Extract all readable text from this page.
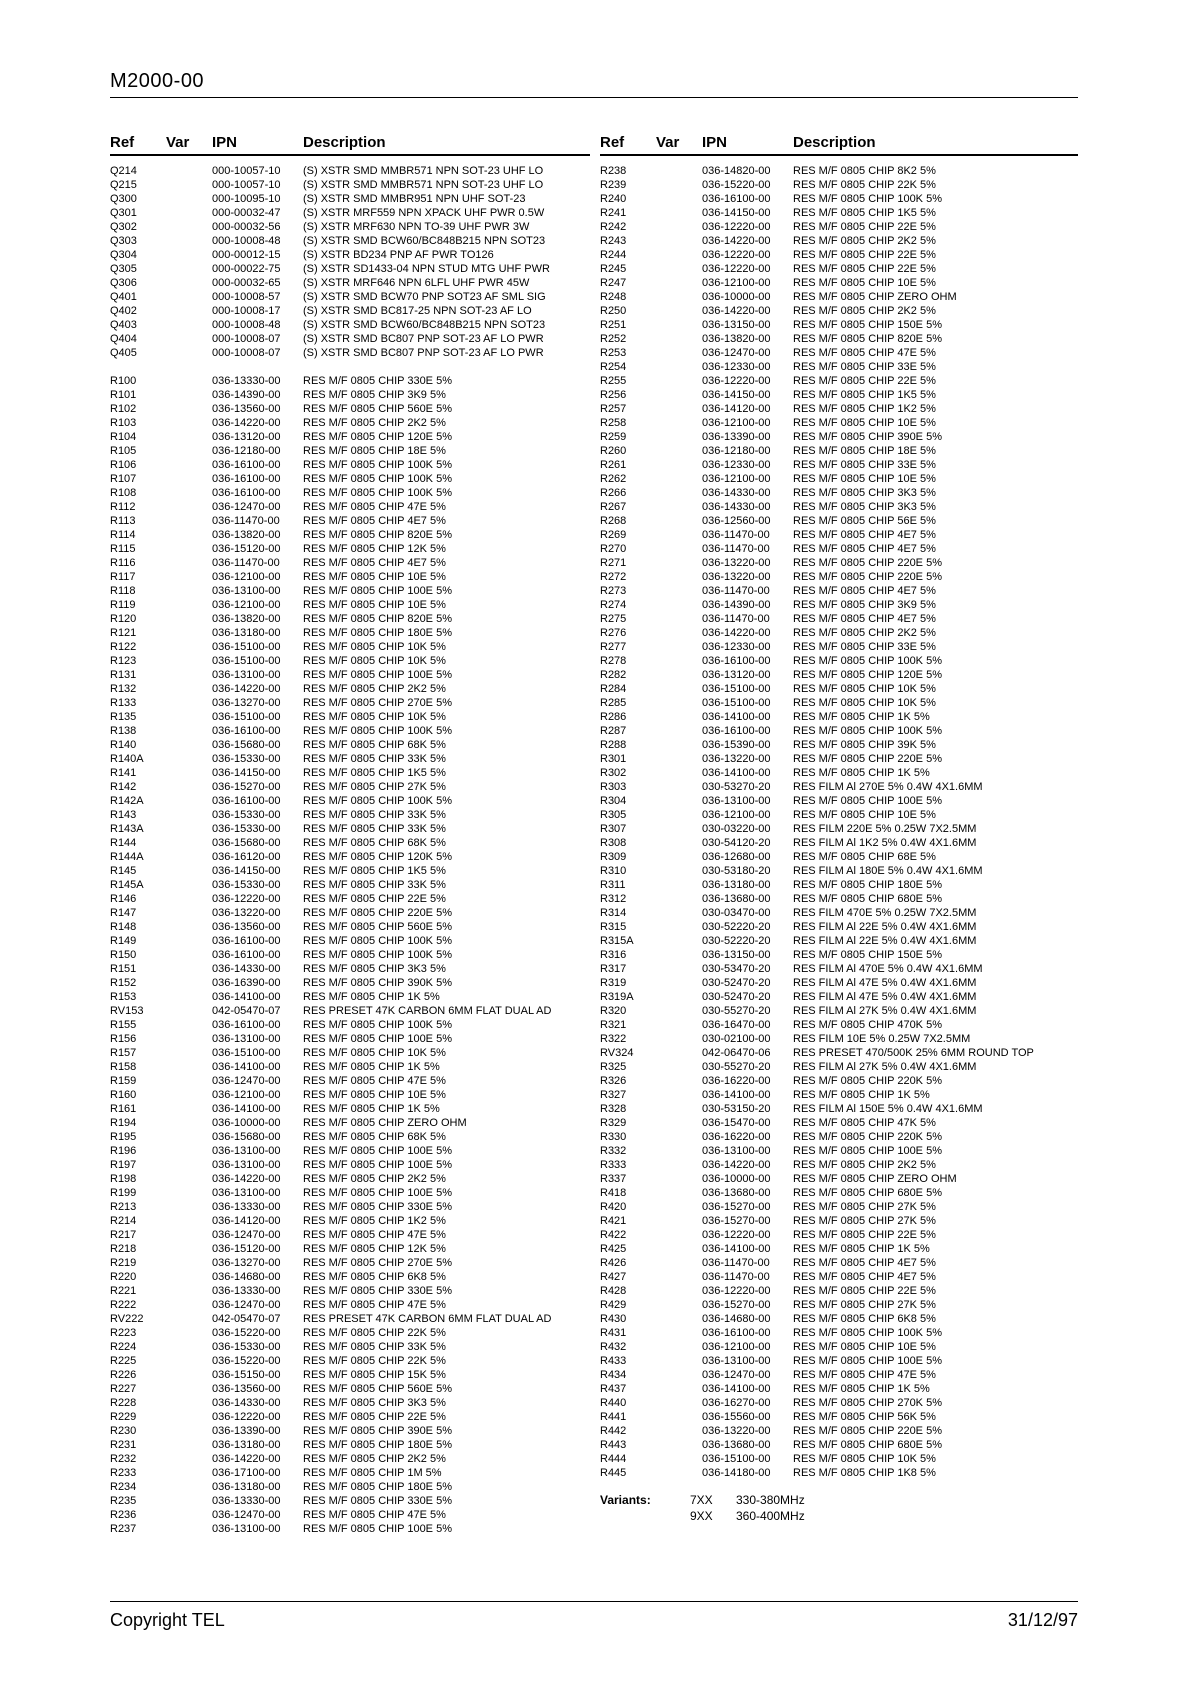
M2000-00
Ref Var IPN	Description
Q214	000-10057-10 (S) XSTR SMD MMBR571 NPN SOT-23 UHF LO
Q215	000-10057-10 (S) XSTR SMD MMBR571 NPN SOT-23 UHF LO
Q300	000-10095-10 (S) XSTR SMD MMBR951 NPN UHF SOT-23
Q301	000-00032-47 (S) XSTR MRF559 NPN XPACK UHF PWR 0.5W
Q302	000-00032-56 (S) XSTR MRF630 NPN TO-39 UHF PWR 3W
Q303	000-10008-48 (S) XSTR SMD BCW60/BC848B215 NPN SOT23
Q304	000-00012-15 (S) XSTR BD234 PNP AF PWR TO126
Q305	000-00022-75 (S) XSTR SD1433-04 NPN STUD MTG UHF PWR
Q306	000-00032-65 (S) XSTR MRF646 NPN 6LFL UHF PWR 45W
Q401	000-10008-57 (S) XSTR SMD BCW70 PNP SOT23 AF SML SIG
Q402	000-10008-17 (S) XSTR SMD BC817-25 NPN SOT-23 AF LO
Q403	000-10008-48 (S) XSTR SMD BCW60/BC848B215 NPN SOT23
Q404	000-10008-07 (S) XSTR SMD BC807 PNP SOT-23 AF LO PWR
Q405	000-10008-07 (S) XSTR SMD BC807 PNP SOT-23 AF LO PWR
R100	036-13330-00 RES M/F 0805 CHIP 330E 5%
R101	036-14390-00 RES M/F 0805 CHIP 3K9 5%
R102	036-13560-00 RES M/F 0805 CHIP 560E 5%
R103	036-14220-00 RES M/F 0805 CHIP 2K2 5%
R104	036-13120-00 RES M/F 0805 CHIP 120E 5%
R105	036-12180-00 RES M/F 0805 CHIP 18E 5%
R106	036-16100-00 RES M/F 0805 CHIP 100K 5%
R107	036-16100-00 RES M/F 0805 CHIP 100K 5%
R108	036-16100-00 RES M/F 0805 CHIP 100K 5%
R112	036-12470-00 RES M/F 0805 CHIP 47E 5%
R113	036-11470-00 RES M/F 0805 CHIP 4E7 5%
R114	036-13820-00 RES M/F 0805 CHIP 820E 5%
R115	036-15120-00 RES M/F 0805 CHIP 12K 5%
R116	036-11470-00 RES M/F 0805 CHIP 4E7 5%
R117	036-12100-00 RES M/F 0805 CHIP 10E 5%
R118	036-13100-00 RES M/F 0805 CHIP 100E 5%
R119	036-12100-00 RES M/F 0805 CHIP 10E 5%
R120	036-13820-00 RES M/F 0805 CHIP 820E 5%
R121	036-13180-00 RES M/F 0805 CHIP 180E 5%
R122	036-15100-00 RES M/F 0805 CHIP 10K 5%
R123	036-15100-00 RES M/F 0805 CHIP 10K 5%
R131	036-13100-00 RES M/F 0805 CHIP 100E 5%
R132	036-14220-00 RES M/F 0805 CHIP 2K2 5%
R133	036-13270-00 RES M/F 0805 CHIP 270E 5%
R135	036-15100-00 RES M/F 0805 CHIP 10K 5%
R138	036-16100-00 RES M/F 0805 CHIP 100K 5%
R140	036-15680-00 RES M/F 0805 CHIP 68K 5%
R140A	036-15330-00 RES M/F 0805 CHIP 33K 5%
R141	036-14150-00 RES M/F 0805 CHIP 1K5 5%
R142	036-15270-00 RES M/F 0805 CHIP 27K 5%
R142A	036-16100-00 RES M/F 0805 CHIP 100K 5%
R143	036-15330-00 RES M/F 0805 CHIP 33K 5%
R143A	036-15330-00 RES M/F 0805 CHIP 33K 5%
R144	036-15680-00 RES M/F 0805 CHIP 68K 5%
R144A	036-16120-00 RES M/F 0805 CHIP 120K 5%
R145	036-14150-00 RES M/F 0805 CHIP 1K5 5%
R145A	036-15330-00 RES M/F 0805 CHIP 33K 5%
R146	036-12220-00 RES M/F 0805 CHIP 22E 5%
R147	036-13220-00 RES M/F 0805 CHIP 220E 5%
R148	036-13560-00 RES M/F 0805 CHIP 560E 5%
R149	036-16100-00 RES M/F 0805 CHIP 100K 5%
R150	036-16100-00 RES M/F 0805 CHIP 100K 5%
R151	036-14330-00 RES M/F 0805 CHIP 3K3 5%
R152	036-16390-00 RES M/F 0805 CHIP 390K 5%
R153	036-14100-00 RES M/F 0805 CHIP 1K 5%
RV153	042-05470-07 RES PRESET 47K CARBON 6MM FLAT DUAL AD
R155	036-16100-00 RES M/F 0805 CHIP 100K 5%
R156	036-13100-00 RES M/F 0805 CHIP 100E 5%
R157	036-15100-00 RES M/F 0805 CHIP 10K 5%
R158	036-14100-00 RES M/F 0805 CHIP 1K 5%
R159	036-12470-00 RES M/F 0805 CHIP 47E 5%
R160	036-12100-00 RES M/F 0805 CHIP 10E 5%
R161	036-14100-00 RES M/F 0805 CHIP 1K 5%
R194	036-10000-00 RES M/F 0805 CHIP ZERO OHM
R195	036-15680-00 RES M/F 0805 CHIP 68K 5%
R196	036-13100-00 RES M/F 0805 CHIP 100E 5%
R197	036-13100-00 RES M/F 0805 CHIP 100E 5%
R198	036-14220-00 RES M/F 0805 CHIP 2K2 5%
R199	036-13100-00 RES M/F 0805 CHIP 100E 5%
R213	036-13330-00 RES M/F 0805 CHIP 330E 5%
R214	036-14120-00 RES M/F 0805 CHIP 1K2 5%
R217	036-12470-00 RES M/F 0805 CHIP 47E 5%
R218	036-15120-00 RES M/F 0805 CHIP 12K 5%
R219	036-13270-00 RES M/F 0805 CHIP 270E 5%
R220	036-14680-00 RES M/F 0805 CHIP 6K8 5%
R221	036-13330-00 RES M/F 0805 CHIP 330E 5%
R222	036-12470-00 RES M/F 0805 CHIP 47E 5%
RV222	042-05470-07 RES PRESET 47K CARBON 6MM FLAT DUAL AD
R223	036-15220-00 RES M/F 0805 CHIP 22K 5%
R224	036-15330-00 RES M/F 0805 CHIP 33K 5%
R225	036-15220-00 RES M/F 0805 CHIP 22K 5%
R226	036-15150-00 RES M/F 0805 CHIP 15K 5%
R227	036-13560-00 RES M/F 0805 CHIP 560E 5%
R228	036-14330-00 RES M/F 0805 CHIP 3K3 5%
R229	036-12220-00 RES M/F 0805 CHIP 22E 5%
R230	036-13390-00 RES M/F 0805 CHIP 390E 5%
R231	036-13180-00 RES M/F 0805 CHIP 180E 5%
R232	036-14220-00 RES M/F 0805 CHIP 2K2 5%
R233	036-17100-00 RES M/F 0805 CHIP 1M 5%
R234	036-13180-00 RES M/F 0805 CHIP 180E 5%
R235	036-13330-00 RES M/F 0805 CHIP 330E 5%
R236	036-12470-00 RES M/F 0805 CHIP 47E 5%
R237	036-13100-00 RES M/F 0805 CHIP 100E 5%
Ref Var IPN	Description
R238	036-14820-00 RES M/F 0805 CHIP 8K2 5%
R239	036-15220-00 RES M/F 0805 CHIP 22K 5%
R240	036-16100-00 RES M/F 0805 CHIP 100K 5%
R241	036-14150-00 RES M/F 0805 CHIP 1K5 5%
R242	036-12220-00 RES M/F 0805 CHIP 22E 5%
R243	036-14220-00 RES M/F 0805 CHIP 2K2 5%
R244	036-12220-00 RES M/F 0805 CHIP 22E 5%
R245	036-12220-00 RES M/F 0805 CHIP 22E 5%
R247	036-12100-00 RES M/F 0805 CHIP 10E 5%
R248	036-10000-00 RES M/F 0805 CHIP ZERO OHM
R250	036-14220-00 RES M/F 0805 CHIP 2K2 5%
R251	036-13150-00 RES M/F 0805 CHIP 150E 5%
R252	036-13820-00 RES M/F 0805 CHIP 820E 5%
R253	036-12470-00 RES M/F 0805 CHIP 47E 5%
R254	036-12330-00 RES M/F 0805 CHIP 33E 5%
R255	036-12220-00 RES M/F 0805 CHIP 22E 5%
R256	036-14150-00 RES M/F 0805 CHIP 1K5 5%
R257	036-14120-00 RES M/F 0805 CHIP 1K2 5%
R258	036-12100-00 RES M/F 0805 CHIP 10E 5%
R259	036-13390-00 RES M/F 0805 CHIP 390E 5%
R260	036-12180-00 RES M/F 0805 CHIP 18E 5%
R261	036-12330-00 RES M/F 0805 CHIP 33E 5%
R262	036-12100-00 RES M/F 0805 CHIP 10E 5%
R266	036-14330-00 RES M/F 0805 CHIP 3K3 5%
R267	036-14330-00 RES M/F 0805 CHIP 3K3 5%
R268	036-12560-00 RES M/F 0805 CHIP 56E 5%
R269	036-11470-00 RES M/F 0805 CHIP 4E7 5%
R270	036-11470-00 RES M/F 0805 CHIP 4E7 5%
R271	036-13220-00 RES M/F 0805 CHIP 220E 5%
R272	036-13220-00 RES M/F 0805 CHIP 220E 5%
R273	036-11470-00 RES M/F 0805 CHIP 4E7 5%
R274	036-14390-00 RES M/F 0805 CHIP 3K9 5%
R275	036-11470-00 RES M/F 0805 CHIP 4E7 5%
R276	036-14220-00 RES M/F 0805 CHIP 2K2 5%
R277	036-12330-00 RES M/F 0805 CHIP 33E 5%
R278	036-16100-00 RES M/F 0805 CHIP 100K 5%
R282	036-13120-00 RES M/F 0805 CHIP 120E 5%
R284	036-15100-00 RES M/F 0805 CHIP 10K 5%
R285	036-15100-00 RES M/F 0805 CHIP 10K 5%
R286	036-14100-00 RES M/F 0805 CHIP 1K 5%
R287	036-16100-00 RES M/F 0805 CHIP 100K 5%
R288	036-15390-00 RES M/F 0805 CHIP 39K 5%
R301	036-13220-00 RES M/F 0805 CHIP 220E 5%
R302	036-14100-00 RES M/F 0805 CHIP 1K 5%
R303	030-53270-20 RES FILM Al 270E 5% 0.4W 4X1.6MM
R304	036-13100-00 RES M/F 0805 CHIP 100E 5%
R305	036-12100-00 RES M/F 0805 CHIP 10E 5%
R307	030-03220-00 RES FILM 220E 5% 0.25W 7X2.5MM
R308	030-54120-20 RES FILM Al 1K2 5% 0.4W 4X1.6MM
R309	036-12680-00 RES M/F 0805 CHIP 68E 5%
R310	030-53180-20 RES FILM Al 180E 5% 0.4W 4X1.6MM
R311	036-13180-00 RES M/F 0805 CHIP 180E 5%
R312	036-13680-00 RES M/F 0805 CHIP 680E 5%
R314	030-03470-00 RES FILM 470E 5% 0.25W 7X2.5MM
R315	030-52220-20 RES FILM Al 22E 5% 0.4W 4X1.6MM
R315A	030-52220-20 RES FILM Al 22E 5% 0.4W 4X1.6MM
R316	036-13150-00 RES M/F 0805 CHIP 150E 5%
R317	030-53470-20 RES FILM Al 470E 5% 0.4W 4X1.6MM
R319	030-52470-20 RES FILM Al 47E 5% 0.4W 4X1.6MM
R319A	030-52470-20 RES FILM Al 47E 5% 0.4W 4X1.6MM
R320	030-55270-20 RES FILM Al 27K 5% 0.4W 4X1.6MM
R321	036-16470-00 RES M/F 0805 CHIP 470K 5%
R322	030-02100-00 RES FILM 10E 5% 0.25W 7X2.5MM
RV324	042-06470-06 RES PRESET 470/500K 25% 6MM ROUND TOP
R325	030-55270-20 RES FILM Al 27K 5% 0.4W 4X1.6MM
R326	036-16220-00 RES M/F 0805 CHIP 220K 5%
R327	036-14100-00 RES M/F 0805 CHIP 1K 5%
R328	030-53150-20 RES FILM Al 150E 5% 0.4W 4X1.6MM
R329	036-15470-00 RES M/F 0805 CHIP 47K 5%
R330	036-16220-00 RES M/F 0805 CHIP 220K 5%
R332	036-13100-00 RES M/F 0805 CHIP 100E 5%
R333	036-14220-00 RES M/F 0805 CHIP 2K2 5%
R337	036-10000-00 RES M/F 0805 CHIP ZERO OHM
R418	036-13680-00 RES M/F 0805 CHIP 680E 5%
R420	036-15270-00 RES M/F 0805 CHIP 27K 5%
R421	036-15270-00 RES M/F 0805 CHIP 27K 5%
R422	036-12220-00 RES M/F 0805 CHIP 22E 5%
R425	036-14100-00 RES M/F 0805 CHIP 1K 5%
R426	036-11470-00 RES M/F 0805 CHIP 4E7 5%
R427	036-11470-00 RES M/F 0805 CHIP 4E7 5%
R428	036-12220-00 RES M/F 0805 CHIP 22E 5%
R429	036-15270-00 RES M/F 0805 CHIP 27K 5%
R430	036-14680-00 RES M/F 0805 CHIP 6K8 5%
R431	036-16100-00 RES M/F 0805 CHIP 100K 5%
R432	036-12100-00 RES M/F 0805 CHIP 10E 5%
R433	036-13100-00 RES M/F 0805 CHIP 100E 5%
R434	036-12470-00 RES M/F 0805 CHIP 47E 5%
R437	036-14100-00 RES M/F 0805 CHIP 1K 5%
R440	036-16270-00 RES M/F 0805 CHIP 270K 5%
R441	036-15560-00 RES M/F 0805 CHIP 56K 5%
R442	036-13220-00 RES M/F 0805 CHIP 220E 5%
R443	036-13680-00 RES M/F 0805 CHIP 680E 5%
R444	036-15100-00 RES M/F 0805 CHIP 10K 5%
R445	036-14180-00 RES M/F 0805 CHIP 1K8 5%
Variants:	7XX 330-380MHz
9XX 360-400MHz
Copyright TEL	31/12/97
